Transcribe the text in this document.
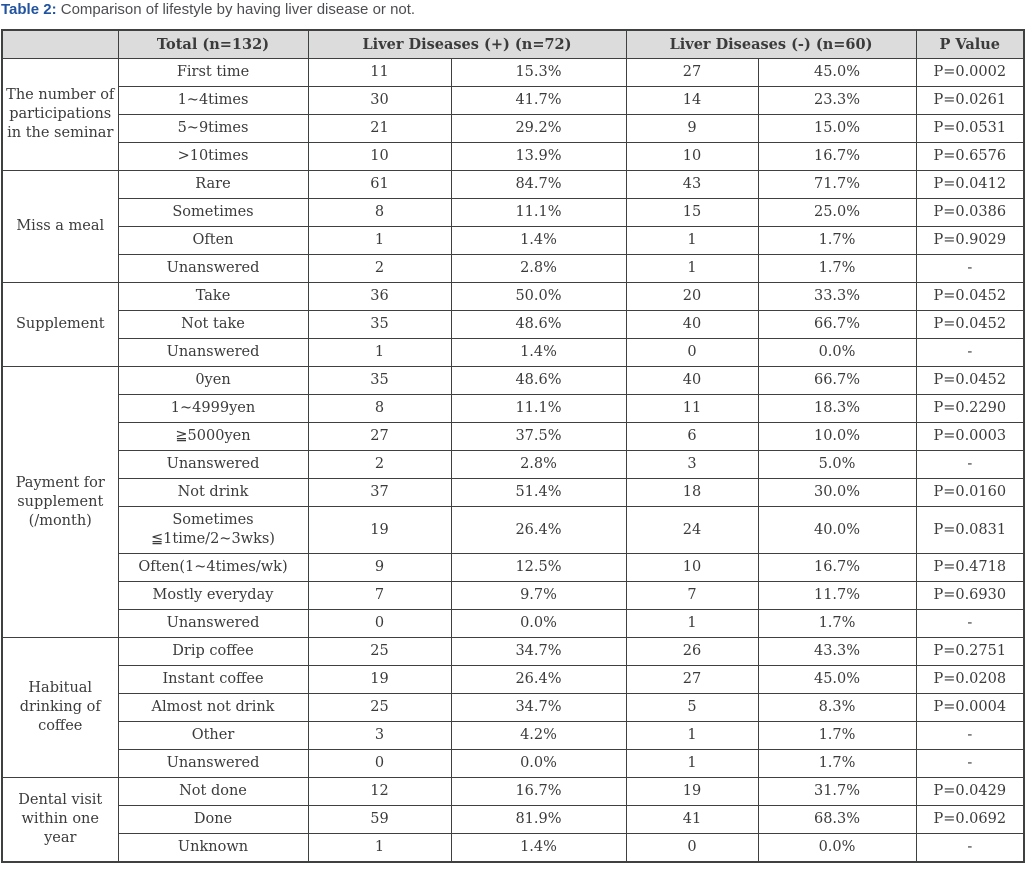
Table 2: Comparison of lifestyle by having liver disease or not.

	Total (n=132)	Liver Diseases (+) (n=72)		Liver Diseases (-) (n=60)		P Value
The number of participations in the seminar	First time	11	15.3%	27	45.0%	P=0.0002
	1~4times	30	41.7%	14	23.3%	P=0.0261
	5~9times	21	29.2%	9	15.0%	P=0.0531
	>10times	10	13.9%	10	16.7%	P=0.6576
Miss a meal	Rare	61	84.7%	43	71.7%	P=0.0412
	Sometimes	8	11.1%	15	25.0%	P=0.0386
	Often	1	1.4%	1	1.7%	P=0.9029
	Unanswered	2	2.8%	1	1.7%	-
Supplement	Take	36	50.0%	20	33.3%	P=0.0452
	Not take	35	48.6%	40	66.7%	P=0.0452
	Unanswered	1	1.4%	0	0.0%	-
Payment for supplement (/month)	0yen	35	48.6%	40	66.7%	P=0.0452
	1~4999yen	8	11.1%	11	18.3%	P=0.2290
	≧5000yen	27	37.5%	6	10.0%	P=0.0003
	Unanswered	2	2.8%	3	5.0%	-
	Not drink	37	51.4%	18	30.0%	P=0.0160
	Sometimes ≦1time/2~3wks)	19	26.4%	24	40.0%	P=0.0831
	Often(1~4times/wk)	9	12.5%	10	16.7%	P=0.4718
	Mostly everyday	7	9.7%	7	11.7%	P=0.6930
	Unanswered	0	0.0%	1	1.7%	-
Habitual drinking of coffee	Drip coffee	25	34.7%	26	43.3%	P=0.2751
	Instant coffee	19	26.4%	27	45.0%	P=0.0208
	Almost not drink	25	34.7%	5	8.3%	P=0.0004
	Other	3	4.2%	1	1.7%	-
	Unanswered	0	0.0%	1	1.7%	-
Dental visit within one year	Not done	12	16.7%	19	31.7%	P=0.0429
	Done	59	81.9%	41	68.3%	P=0.0692
	Unknown	1	1.4%	0	0.0%	-
